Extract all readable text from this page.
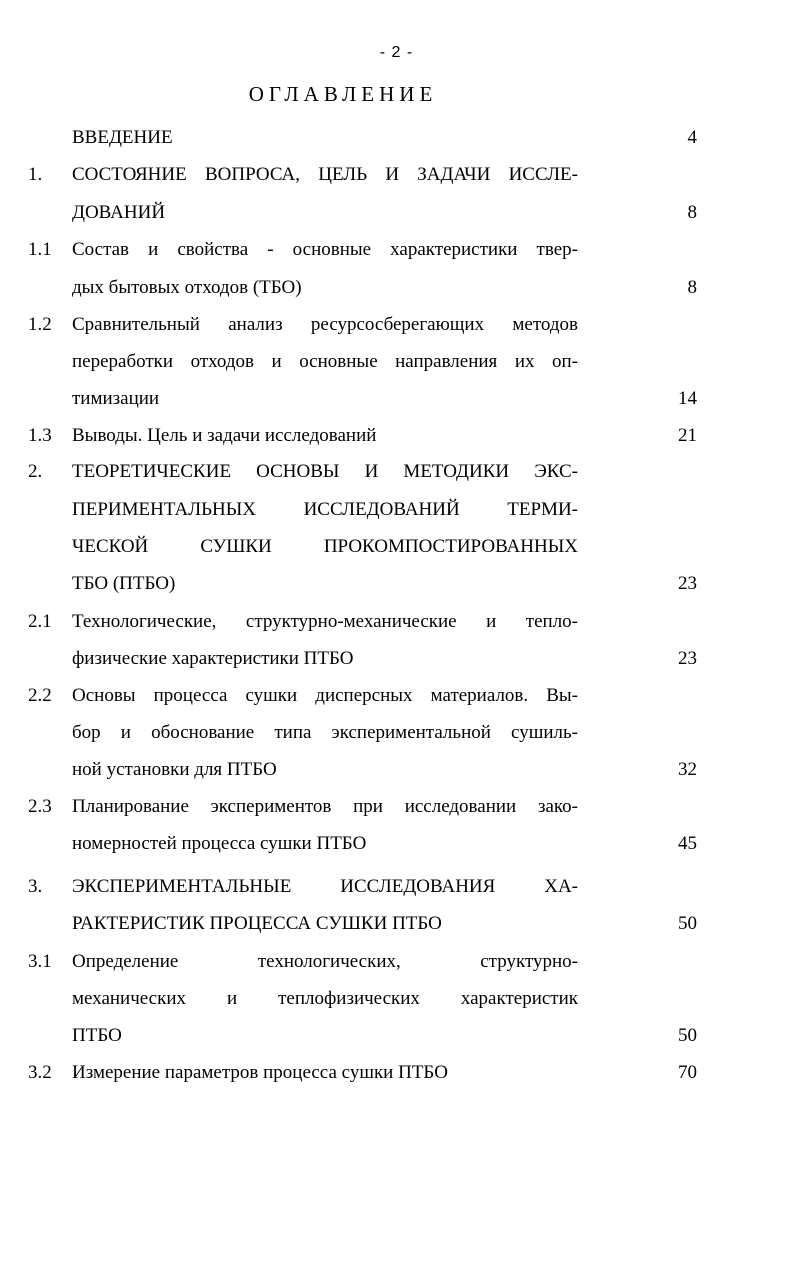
- 2 -
ОГЛАВЛЕНИЕ
ВВЕДЕНИЕ	4
1. СОСТОЯНИЕ ВОПРОСА, ЦЕЛЬ И ЗАДАЧИ ИССЛЕ-
ДОВАНИЙ	8
1.1 Состав и свойства - основные характеристики твер-
дых бытовых отходов (ТБО)	8
1.2 Сравнительный анализ ресурсосберегающих методов
переработки отходов и основные направления их оп-
тимизации	14
1.3 Выводы. Цель и задачи исследований	21
2. ТЕОРЕТИЧЕСКИЕ ОСНОВЫ И МЕТОДИКИ ЭКС-
ПЕРИМЕНТАЛЬНЫХ ИССЛЕДОВАНИЙ ТЕРМИ-
ЧЕСКОЙ СУШКИ ПРОКОМПОСТИРОВАННЫХ
ТБО (ПТБО)	23
2.1 Технологические, структурно-механические и тепло-
физические характеристики ПТБО	23
2.2 Основы процесса сушки дисперсных материалов. Вы-
бор и обоснование типа экспериментальной сушиль-
ной установки для ПТБО	32
2.3 Планирование экспериментов при исследовании зако-
номерностей процесса сушки ПТБО	45
3. ЭКСПЕРИМЕНТАЛЬНЫЕ ИССЛЕДОВАНИЯ ХА-
РАКТЕРИСТИК ПРОЦЕССА СУШКИ ПТБО	50
3.1 Определение технологических, структурно-
механических и теплофизических характеристик
ПТБО	50
3.2 Измерение параметров процесса сушки ПТБО	70
